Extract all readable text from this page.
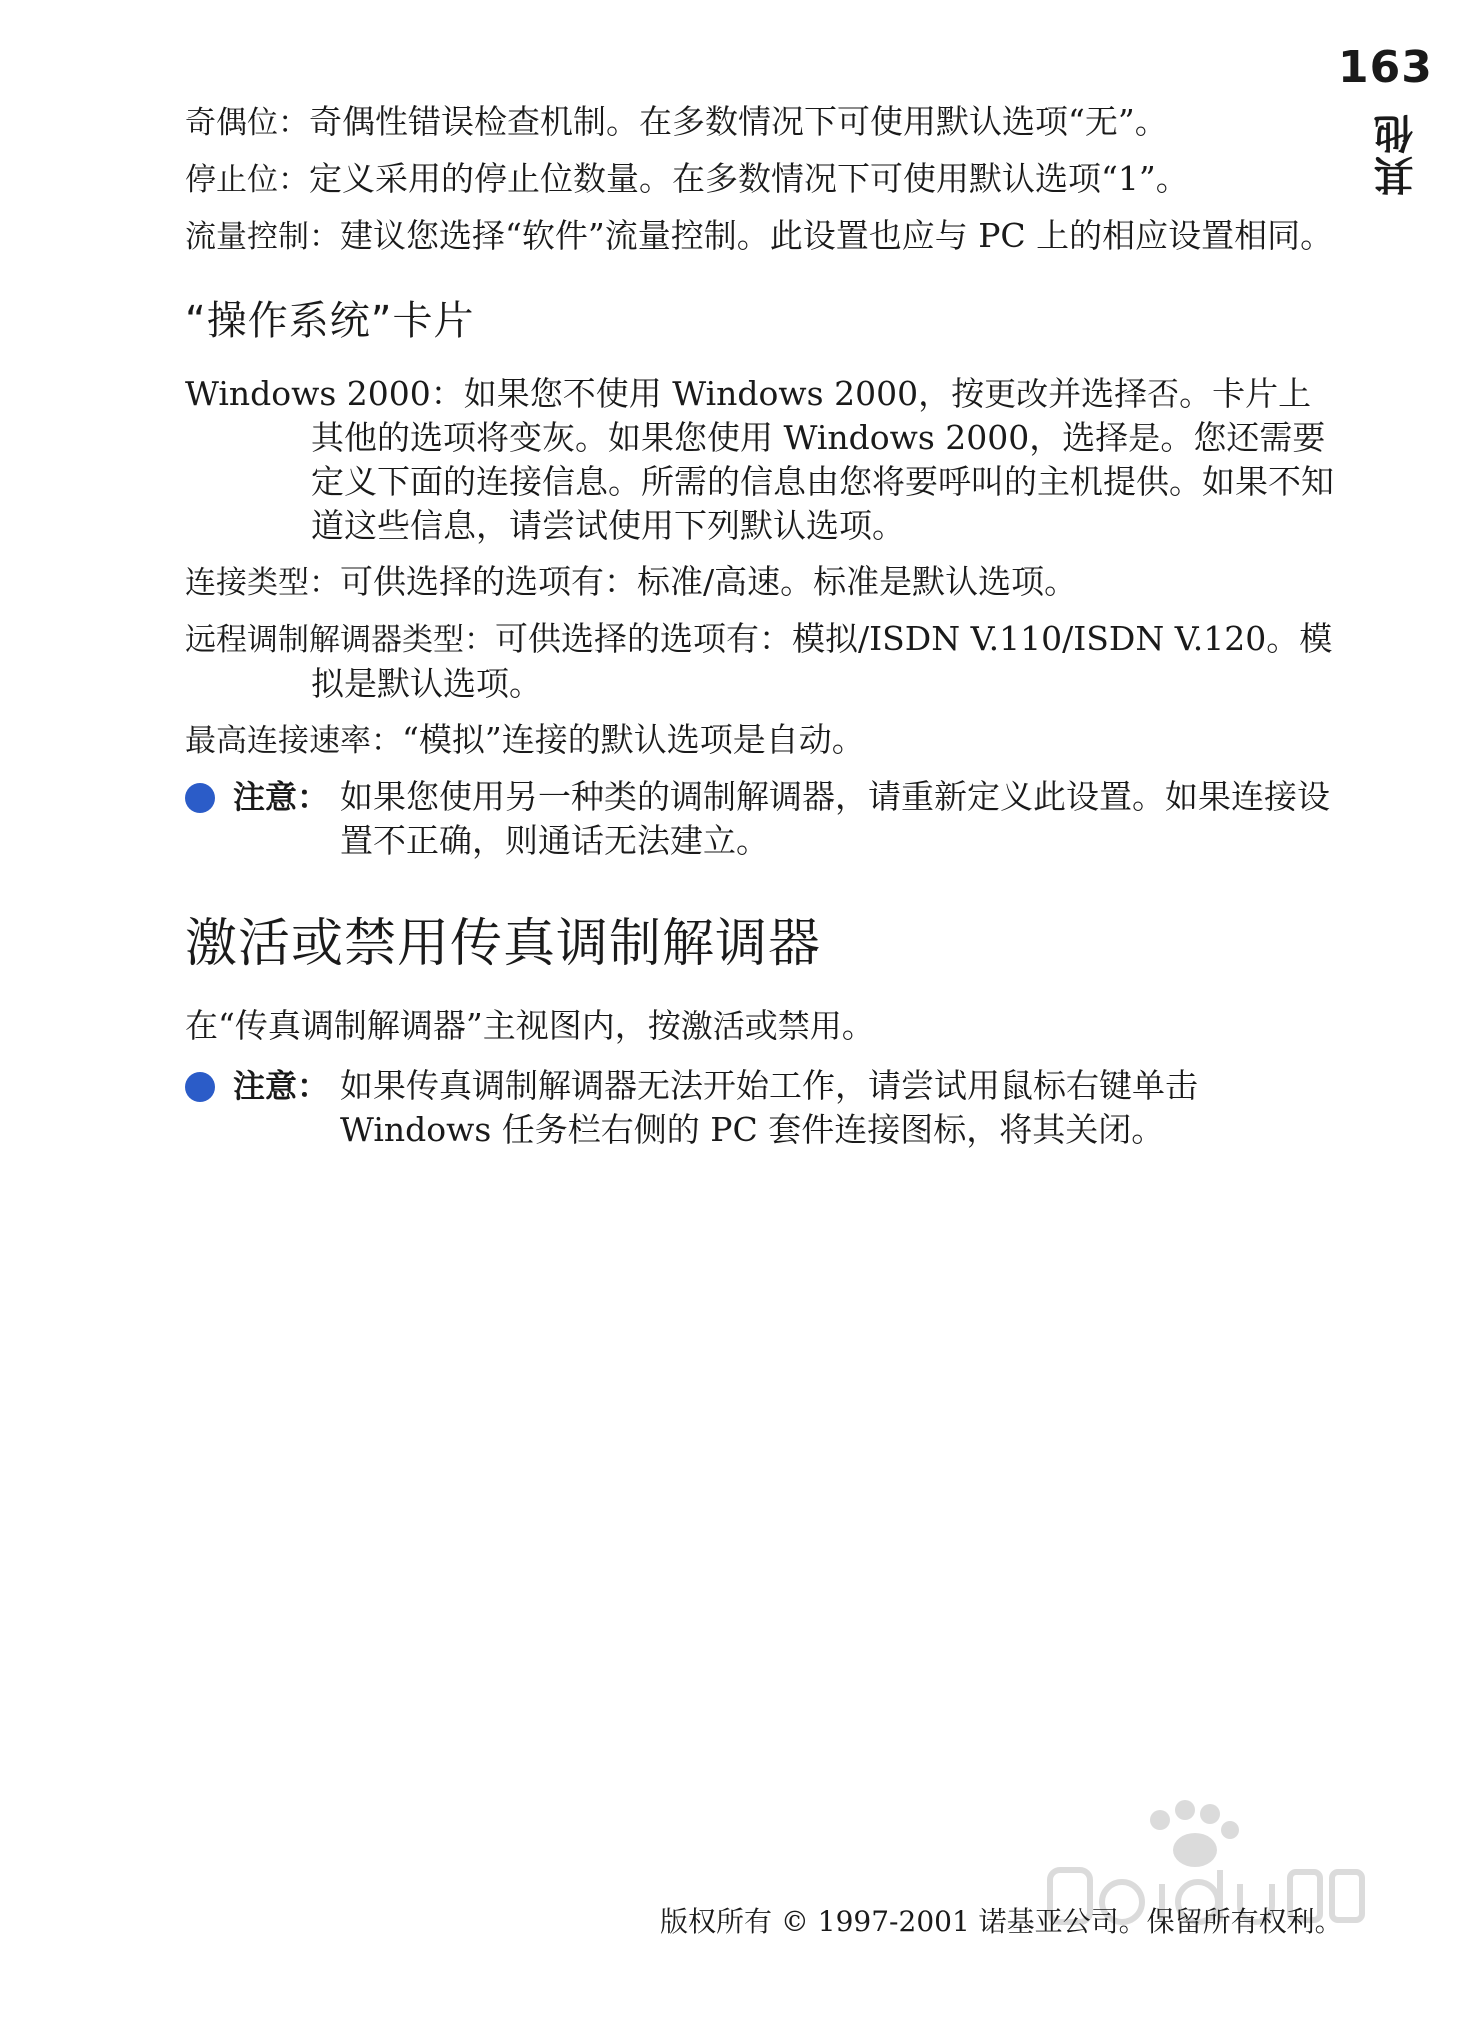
163
其他

奇偶位：奇偶性错误检查机制。在多数情况下可使用默认选项“无”。

停止位：定义采用的停止位数量。在多数情况下可使用默认选项“1”。

流量控制：建议您选择“软件”流量控制。此设置也应与 PC 上的相应设置相同。

“操作系统”卡片

Windows 2000：如果您不使用 Windows 2000，按更改并选择否。卡片上其他的选项将变灰。如果您使用 Windows 2000，选择是。您还需要定义下面的连接信息。所需的信息由您将要呼叫的主机提供。如果不知道这些信息，请尝试使用下列默认选项。

连接类型：可供选择的选项有：标准/高速。标准是默认选项。

远程调制解调器类型：可供选择的选项有：模拟/ISDN V.110/ISDN V.120。模拟是默认选项。

最高连接速率：“模拟”连接的默认选项是自动。

注意： 如果您使用另一种类的调制解调器，请重新定义此设置。如果连接设置不正确，则通话无法建立。
激活或禁用传真调制解调器

在“传真调制解调器”主视图内，按激活或禁用。

注意： 如果传真调制解调器无法开始工作，请尝试用鼠标右键单击 Windows 任务栏右侧的 PC 套件连接图标，将其关闭。
版权所有 © 1997-2001 诺基亚公司。保留所有权利。
